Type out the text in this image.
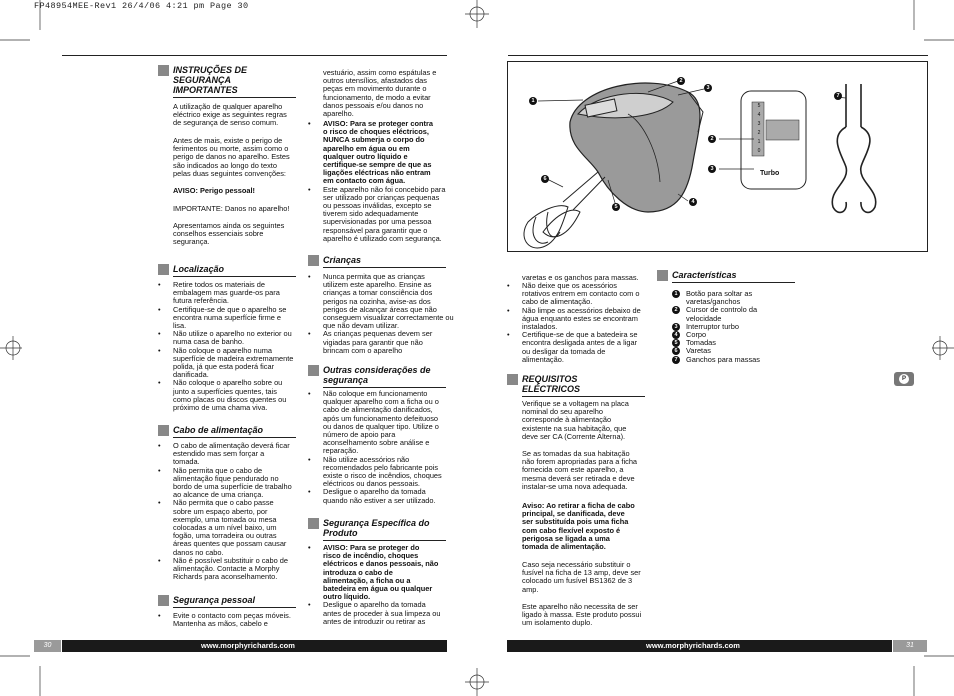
FP48954MEE-Rev1 26/4/06 4:21 pm Page 30
INSTRUÇÕES DE
SEGURANÇA
IMPORTANTES
A utilização de qualquer aparelho
eléctrico exige as seguintes regras
de segurança de senso comum.
Antes de mais, existe o perigo de
ferimentos ou morte, assim como o
perigo de danos no aparelho. Estes
são indicados ao longo do texto
pelas duas seguintes convenções:
AVISO: Perigo pessoal!
IMPORTANTE: Danos no aparelho!
Apresentamos ainda os seguintes
conselhos essenciais sobre
segurança.
Localização
• Retire todos os materiais de
embalagem mas guarde-os para
futura referência.
• Certifique-se de que o aparelho se
encontra numa superfície firme e
lisa.
• Não utilize o aparelho no exterior ou
numa casa de banho.
• Não coloque o aparelho numa
superfície de madeira extremamente
polida, já que esta poderá ficar
danificada.
• Não coloque o aparelho sobre ou
junto a superfícies quentes, tais
como placas ou discos quentes ou
próximo de uma chama viva.
Cabo de alimentação
• O cabo de alimentação deverá ficar
estendido mas sem forçar a
tomada.
• Não permita que o cabo de
alimentação fique pendurado no
bordo de uma superfície de trabalho
ao alcance de uma criança.
• Não permita que o cabo passe
sobre um espaço aberto, por
exemplo, uma tomada ou mesa
colocadas a um nível baixo, um
fogão, uma torradeira ou outras
áreas quentes que possam causar
danos no cabo.
• Não é possível substituir o cabo de
alimentação. Contacte a Morphy
Richards para aconselhamento.
Segurança pessoal
• Evite o contacto com peças móveis.
Mantenha as mãos, cabelo e
vestuário, assim como espátulas e
outros utensílios, afastados das
peças em movimento durante o
funcionamento, de modo a evitar
danos pessoais e/ou danos no
aparelho.
• AVISO: Para se proteger contra
o risco de choques eléctricos,
NUNCA submerja o corpo do
aparelho em água ou em
qualquer outro líquido e
certifique-se sempre de que as
ligações eléctricas não entram
em contacto com água.
• Este aparelho não foi concebido para
ser utilizado por crianças pequenas
ou pessoas inválidas, excepto se
tiverem sido adequadamente
supervisionadas por uma pessoa
responsável para garantir que o
aparelho é utilizado com segurança.
Crianças
• Nunca permita que as crianças
utilizem este aparelho. Ensine as
crianças a tomar consciência dos
perigos na cozinha, avise-as dos
perigos de alcançar áreas que não
conseguem visualizar correctamente ou
que não devam utilizar.
• As crianças pequenas devem ser
vigiadas para garantir que não
brincam com o aparelho
Outras considerações de
segurança
• Não coloque em funcionamento
qualquer aparelho com a ficha ou o
cabo de alimentação danificados,
após um funcionamento defeituoso
ou danos de qualquer tipo. Utilize o
número de apoio para
aconselhamento sobre análise e
reparação.
• Não utilize acessórios não
recomendados pelo fabricante pois
existe o risco de incêndios, choques
eléctricos ou danos pessoais.
• Desligue o aparelho da tomada
quando não estiver a ser utilizado.
Segurança Específica do
Produto
• AVISO: Para se proteger do
risco de incêndio, choques
eléctricos e danos pessoais, não
introduza o cabo de
alimentação, a ficha ou a
batedeira em água ou qualquer
outro líquido.
• Desligue o aparelho da tomada
antes de proceder à sua limpeza ou
antes de introduzir ou retirar as
30	www.morphyrichards.com
1
2
3
4
5
6
2
3
7
5
4
3
2
1
0
Turbo
varetas e os ganchos para massas.
• Não deixe que os acessórios
rotativos entrem em contacto com o
cabo de alimentação.
• Não limpe os acessórios debaixo de
água enquanto estes se encontram
instalados.
• Certifique-se de que a batedeira se
encontra desligada antes de a ligar
ou desligar da tomada de
alimentação.
REQUISITOS
ELÉCTRICOS
Verifique se a voltagem na placa
nominal do seu aparelho
corresponde à alimentação
existente na sua habitação, que
deve ser CA (Corrente Alterna).
Se as tomadas da sua habitação
não forem apropriadas para a ficha
fornecida com este aparelho, a
mesma deverá ser retirada e deve
instalar-se uma nova adequada.
Aviso: Ao retirar a ficha de cabo
principal, se danificada, deve
ser substituída pois uma ficha
com cabo flexível exposto é
perigosa se ligada a uma
tomada de alimentação.
Caso seja necessário substituir o
fusível na ficha de 13 amp, deve ser
colocado um fusível BS1362 de 3
amp.
Este aparelho não necessita de ser
ligado à massa. Este produto possui
um isolamento duplo.
Características
1 Botão para soltar as
varetas/ganchos
2 Cursor de controlo da
velocidade
3 Interruptor turbo
4 Corpo
5 Tomadas
6 Varetas
7 Ganchos para massas
P
www.morphyrichards.com	31
